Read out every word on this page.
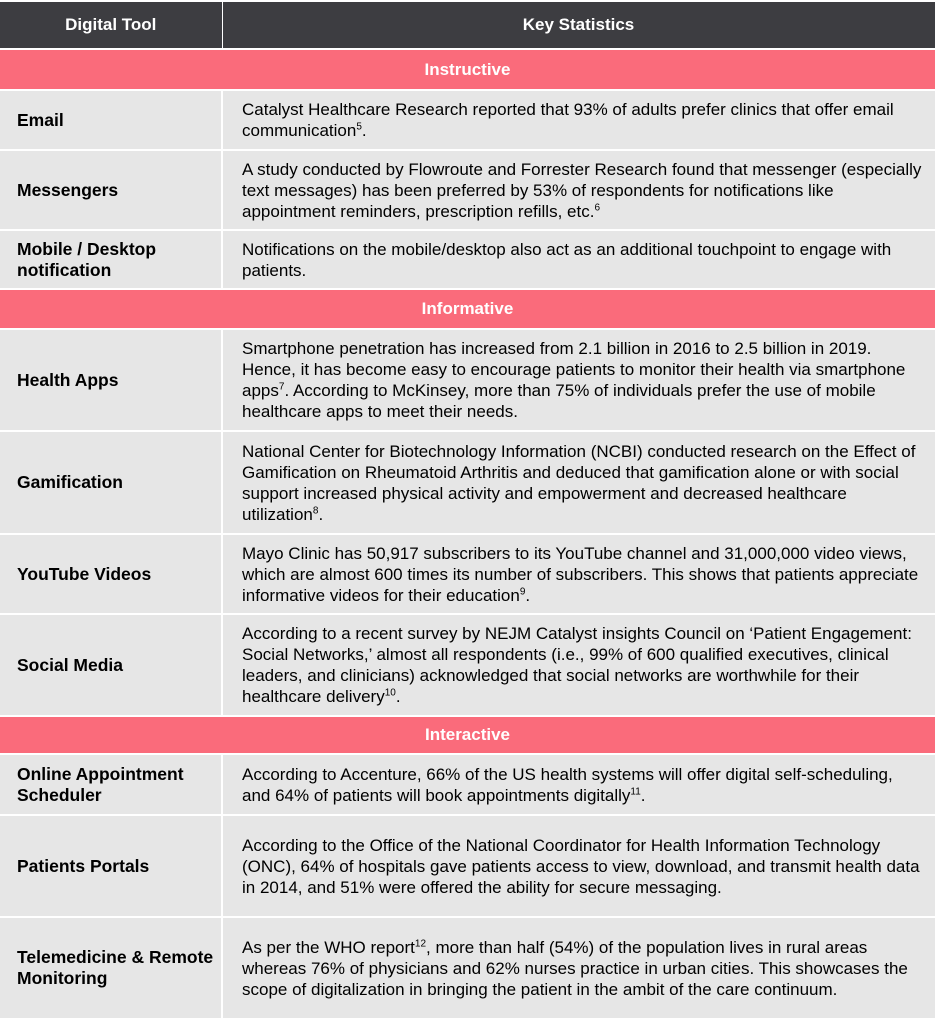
Digital Tool	Key Statistics
Instructive	
Email	Catalyst Healthcare Research reported that 93% of adults prefer clinics that offer email communication$^5$.
Messengers	A study conducted by Flowroute and Forrester Research found that messenger (especially text messages) has been preferred by 53% of respondents for notifications like appointment reminders, prescription refills, etc.$^6$
Mobile / Desktop notification	Notifications on the mobile/desktop also act as an additional touchpoint to engage with patients.
Informative	
Health Apps	Smartphone penetration has increased from 2.1 billion in 2016 to 2.5 billion in 2019. Hence, it has become easy to encourage patients to monitor their health via smartphone apps$^7$. According to McKinsey, more than 75% of individuals prefer the use of mobile healthcare apps to meet their needs.
Gamification	National Center for Biotechnology Information (NCBI) conducted research on the Effect of Gamification on Rheumatoid Arthritis and deduced that gamification alone or with social support increased physical activity and empowerment and decreased healthcare utilization$^8$.
YouTube Videos	Mayo Clinic has 50,917 subscribers to its YouTube channel and 31,000,000 video views, which are almost 600 times its number of subscribers. This shows that patients appreciate informative videos for their education$^9$.
Social Media	According to a recent survey by NEJM Catalyst insights Council on ‘Patient Engagement: Social Networks,’ almost all respondents (i.e., 99% of 600 qualified executives, clinical leaders, and clinicians) acknowledged that social networks are worthwhile for their healthcare delivery$^{10}$.
Interactive	
Online Appointment Scheduler	According to Accenture, 66% of the US health systems will offer digital self-scheduling, and 64% of patients will book appointments digitally$^{11}$.
Patients Portals	According to the Office of the National Coordinator for Health Information Technology (ONC), 64% of hospitals gave patients access to view, download, and transmit health data in 2014, and 51% were offered the ability for secure messaging.
Telemedicine & Remote Monitoring	As per the WHO report$^{12}$, more than half (54%) of the population lives in rural areas whereas 76% of physicians and 62% nurses practice in urban cities. This showcases the scope of digitalization in bringing the patient in the ambit of the care continuum.
